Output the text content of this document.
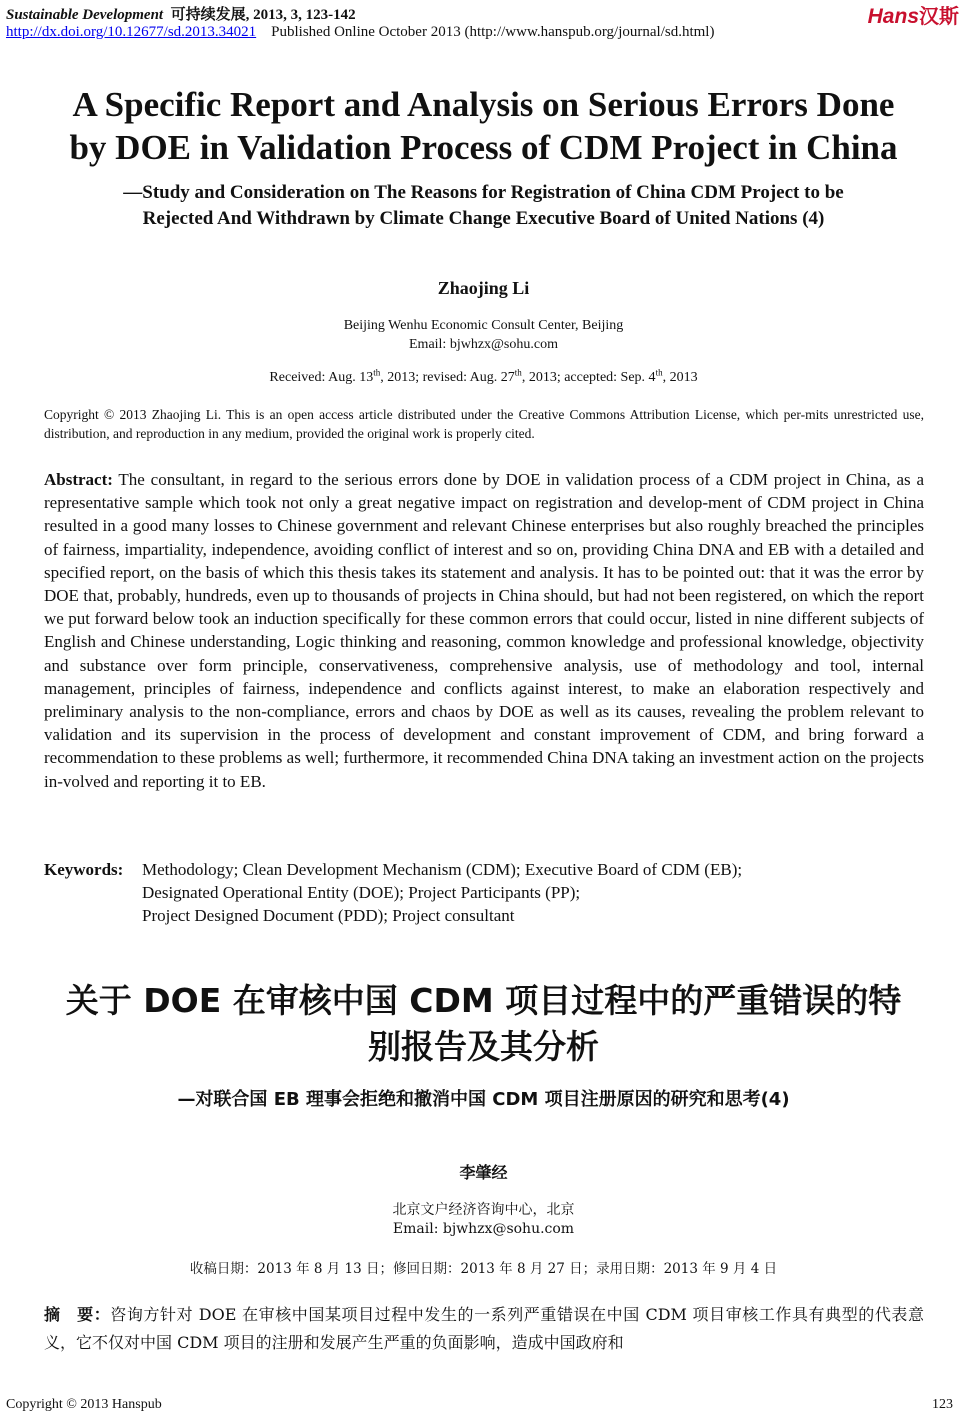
Sustainable Development 可持续发展, 2013, 3, 123-142
http://dx.doi.org/10.12677/sd.2013.34021 Published Online October 2013 (http://www.hanspub.org/journal/sd.html)
Hans汉斯
A Specific Report and Analysis on Serious Errors Done
by DOE in Validation Process of CDM Project in China
—Study and Consideration on The Reasons for Registration of China CDM Project to be
Rejected And Withdrawn by Climate Change Executive Board of United Nations (4)
Zhaojing Li
Beijing Wenhu Economic Consult Center, Beijing
Email: bjwhzx@sohu.com
Received: Aug. 13th, 2013; revised: Aug. 27th, 2013; accepted: Sep. 4th, 2013
Copyright © 2013 Zhaojing Li. This is an open access article distributed under the Creative Commons Attribution License, which per-mits unrestricted use, distribution, and reproduction in any medium, provided the original work is properly cited.
Abstract: The consultant, in regard to the serious errors done by DOE in validation process of a CDM project in China, as a representative sample which took not only a great negative impact on registration and develop-ment of CDM project in China resulted in a good many losses to Chinese government and relevant Chinese enterprises but also roughly breached the principles of fairness, impartiality, independence, avoiding conflict of interest and so on, providing China DNA and EB with a detailed and specified report, on the basis of which this thesis takes its statement and analysis. It has to be pointed out: that it was the error by DOE that, probably, hundreds, even up to thousands of projects in China should, but had not been registered, on which the report we put forward below took an induction specifically for these common errors that could occur, listed in nine different subjects of English and Chinese understanding, Logic thinking and reasoning, common knowledge and professional knowledge, objectivity and substance over form principle, conservativeness, comprehensive analysis, use of methodology and tool, internal management, principles of fairness, independence and conflicts against interest, to make an elaboration respectively and preliminary analysis to the non-compliance, errors and chaos by DOE as well as its causes, revealing the problem relevant to validation and its supervision in the process of development and constant improvement of CDM, and bring forward a recommendation to these problems as well; furthermore, it recommended China DNA taking an investment action on the projects in-volved and reporting it to EB.
Keywords: Methodology; Clean Development Mechanism (CDM); Executive Board of CDM (EB);
Designated Operational Entity (DOE); Project Participants (PP);
Project Designed Document (PDD); Project consultant
关于 DOE 在审核中国 CDM 项目过程中的严重错误的特
别报告及其分析
—对联合国 EB 理事会拒绝和撤消中国 CDM 项目注册原因的研究和思考(4)
李肇经
北京文户经济咨询中心，北京
Email: bjwhzx@sohu.com
收稿日期：2013 年 8 月 13 日；修回日期：2013 年 8 月 27 日；录用日期：2013 年 9 月 4 日
摘　要：咨询方针对 DOE 在审核中国某项目过程中发生的一系列严重错误在中国 CDM 项目审核工作具有典型的代表意义，它不仅对中国 CDM 项目的注册和发展产生严重的负面影响，造成中国政府和
Copyright © 2013 Hanspub	123
